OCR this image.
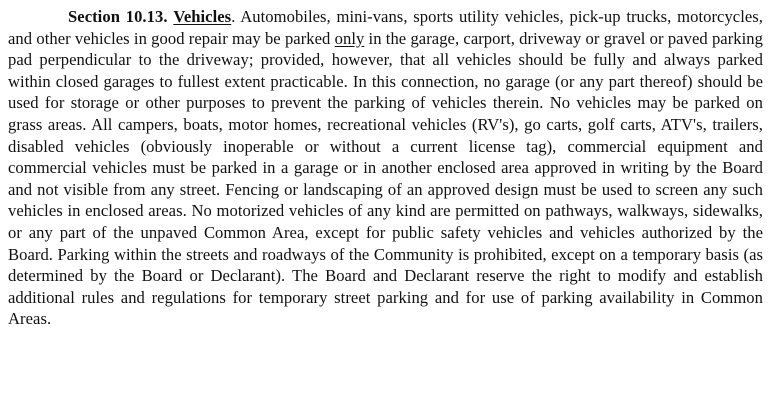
Section 10.13. Vehicles. Automobiles, mini-vans, sports utility vehicles, pick-up trucks, motorcycles, and other vehicles in good repair may be parked only in the garage, carport, driveway or gravel or paved parking pad perpendicular to the driveway; provided, however, that all vehicles should be fully and always parked within closed garages to fullest extent practicable. In this connection, no garage (or any part thereof) should be used for storage or other purposes to prevent the parking of vehicles therein. No vehicles may be parked on grass areas. All campers, boats, motor homes, recreational vehicles (RV's), go carts, golf carts, ATV's, trailers, disabled vehicles (obviously inoperable or without a current license tag), commercial equipment and commercial vehicles must be parked in a garage or in another enclosed area approved in writing by the Board and not visible from any street. Fencing or landscaping of an approved design must be used to screen any such vehicles in enclosed areas. No motorized vehicles of any kind are permitted on pathways, walkways, sidewalks, or any part of the unpaved Common Area, except for public safety vehicles and vehicles authorized by the Board. Parking within the streets and roadways of the Community is prohibited, except on a temporary basis (as determined by the Board or Declarant). The Board and Declarant reserve the right to modify and establish additional rules and regulations for temporary street parking and for use of parking availability in Common Areas.
